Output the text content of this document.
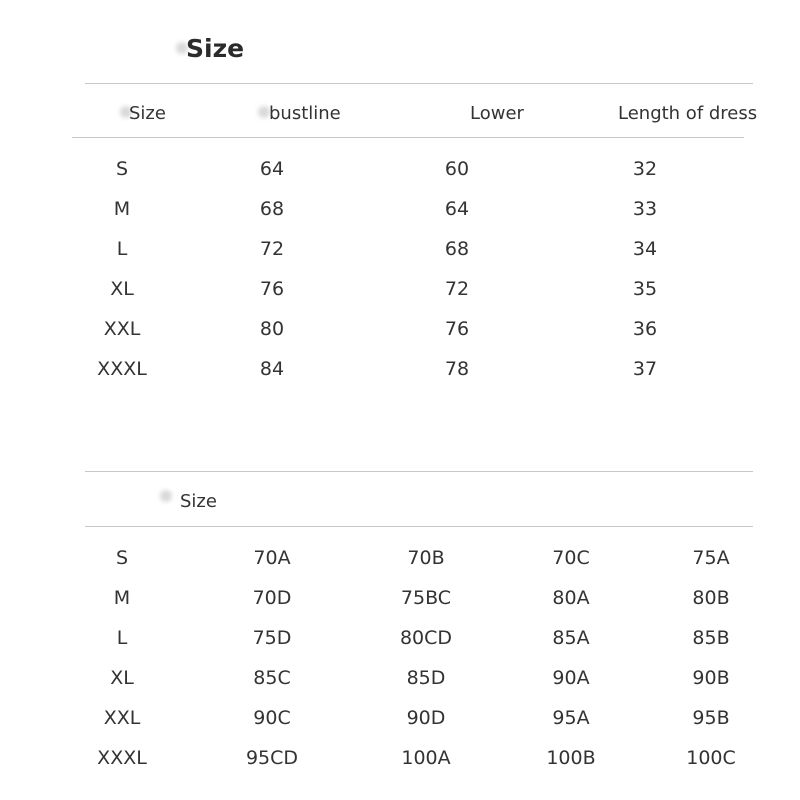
Size
Size	bustline	Lower	Length of dress
S	64	60	32
M	68	64	33
L	72	68	34
XL	76	72	35
XXL	80	76	36
XXXL	84	78	37
Size
S	70A	70B	70C	75A
M	70D	75BC	80A	80B
L	75D	80CD	85A	85B
XL	85C	85D	90A	90B
XXL	90C	90D	95A	95B
XXXL	95CD	100A	100B	100C
